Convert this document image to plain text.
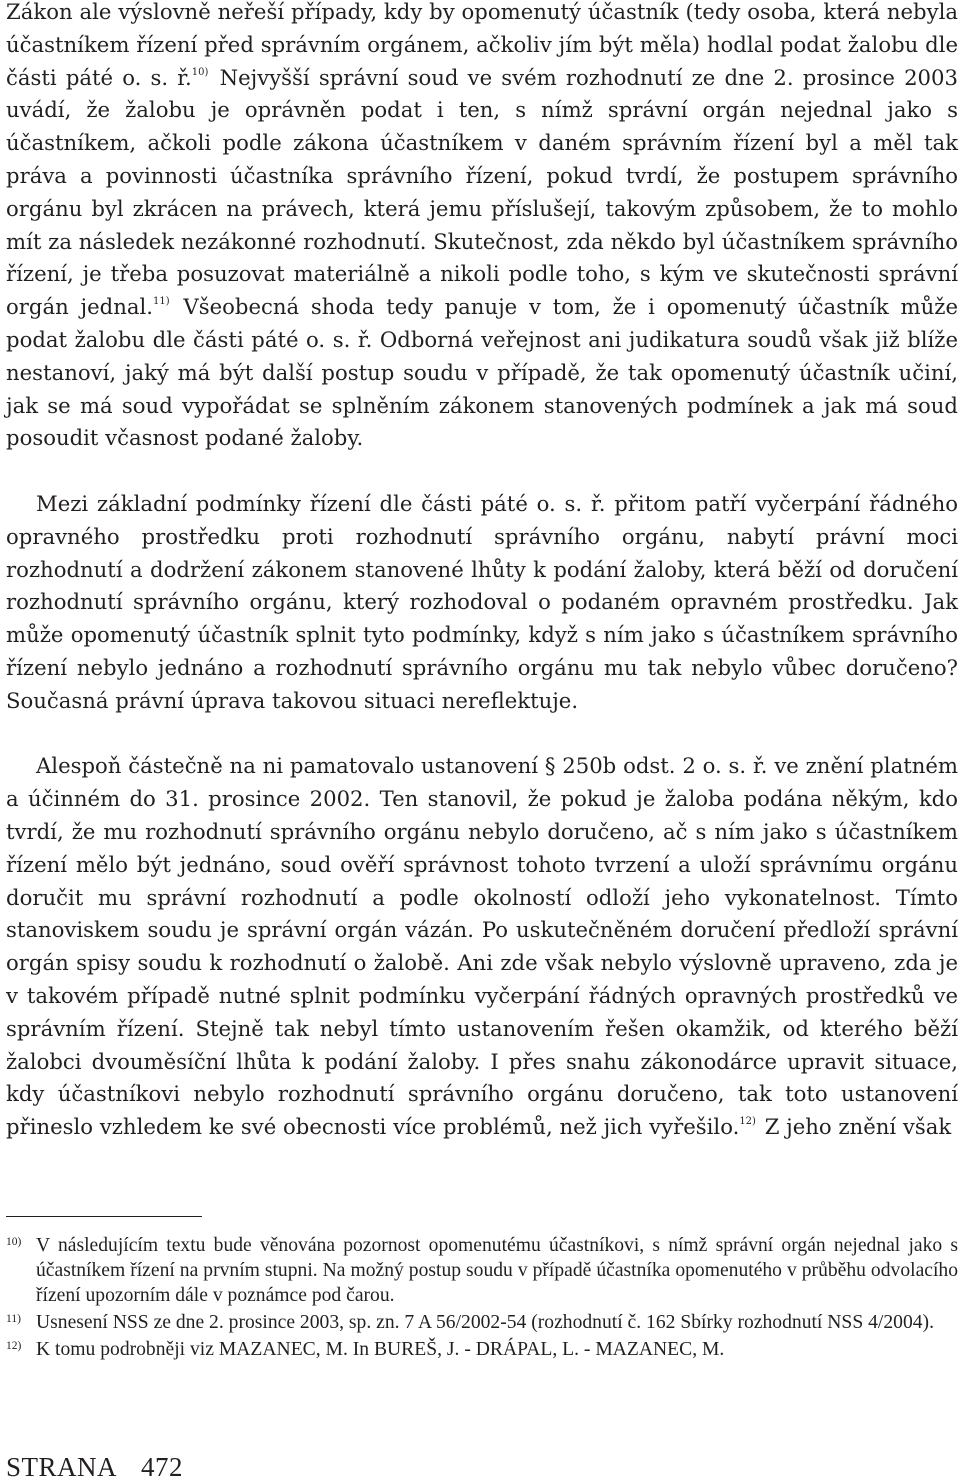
Zákon ale výslovně neřeší případy, kdy by opomenutý účastník (tedy osoba, která nebyla účastníkem řízení před správním orgánem, ačkoliv jím být měla) hodlal podat žalobu dle části páté o. s. ř.$^{10)}$ Nejvyšší správní soud ve svém rozhodnutí ze dne 2. prosince 2003 uvádí, že žalobu je oprávněn podat i ten, s nímž správní orgán nejednal jako s účastníkem, ačkoli podle zákona účastníkem v daném správním řízení byl a měl tak práva a povinnosti účastníka správního řízení, pokud tvrdí, že postupem správního orgánu byl zkrácen na právech, která jemu příslušejí, takovým způsobem, že to mohlo mít za následek nezákonné rozhodnutí. Skutečnost, zda někdo byl účastníkem správního řízení, je třeba posuzovat materiálně a nikoli podle toho, s kým ve skutečnosti správní orgán jednal.$^{11)}$ Všeobecná shoda tedy panuje v tom, že i opomenutý účastník může podat žalobu dle části páté o. s. ř. Odborná veřejnost ani judikatura soudů však již blíže nestanoví, jaký má být další postup soudu v případě, že tak opomenutý účastník učiní, jak se má soud vypořádat se splněním zákonem stanovených podmínek a jak má soud posoudit včasnost podané žaloby.

Mezi základní podmínky řízení dle části páté o. s. ř. přitom patří vyčerpání řádného opravného prostředku proti rozhodnutí správního orgánu, nabytí právní moci rozhodnutí a dodržení zákonem stanovené lhůty k podání žaloby, která běží od doručení rozhodnutí správního orgánu, který rozhodoval o podaném opravném prostředku. Jak může opomenutý účastník splnit tyto podmínky, když s ním jako s účastníkem správního řízení nebylo jednáno a rozhodnutí správního orgánu mu tak nebylo vůbec doručeno? Současná právní úprava takovou situaci nereflektuje.

Alespoň částečně na ni pamatovalo ustanovení § 250b odst. 2 o. s. ř. ve znění platném a účinném do 31. prosince 2002. Ten stanovil, že pokud je žaloba podána někým, kdo tvrdí, že mu rozhodnutí správního orgánu nebylo doručeno, ač s ním jako s účastníkem řízení mělo být jednáno, soud ověří správnost tohoto tvrzení a uloží správnímu orgánu doručit mu správní rozhodnutí a podle okolností odloží jeho vykonatelnost. Tímto stanoviskem soudu je správní orgán vázán. Po uskutečněném doručení předloží správní orgán spisy soudu k rozhodnutí o žalobě. Ani zde však nebylo výslovně upraveno, zda je v takovém případě nutné splnit podmínku vyčerpání řádných opravných prostředků ve správním řízení. Stejně tak nebyl tímto ustanovením řešen okamžik, od kterého běží žalobci dvouměsíční lhůta k podání žaloby. I přes snahu zákonodárce upravit situace, kdy účastníkovi nebylo rozhodnutí správního orgánu doručeno, tak toto ustanovení přineslo vzhledem ke své obecnosti více problémů, než jich vyřešilo.$^{12)}$ Z jeho znění však

10) V následujícím textu bude věnována pozornost opomenutému účastníkovi, s nímž správní orgán nejednal jako s účastníkem řízení na prvním stupni. Na možný postup soudu v případě účastníka opomenutého v průběhu odvolacího řízení upozorním dále v poznámce pod čarou.
11) Usnesení NSS ze dne 2. prosince 2003, sp. zn. 7 A 56/2002-54 (rozhodnutí č. 162 Sbírky rozhodnutí NSS 4/2004).
12) K tomu podrobněji viz MAZANEC, M. In BUREŠ, J. - DRÁPAL, L. - MAZANEC, M.
STRANA 472
